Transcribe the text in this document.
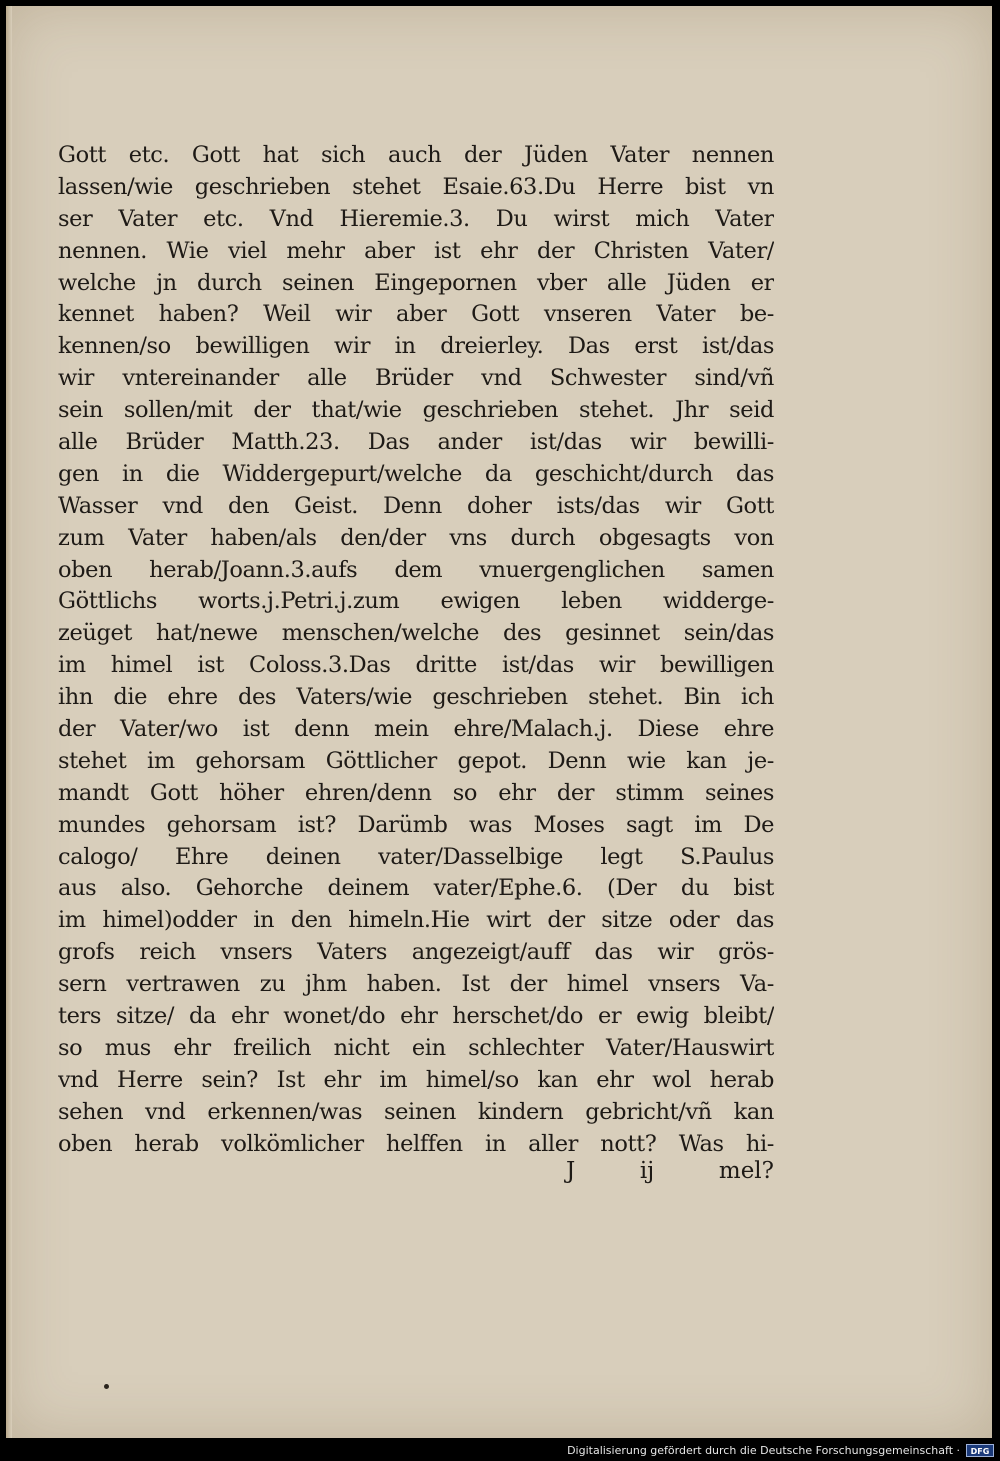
Gott etc. Gott hat sich auch der Jüden Vater nennen
lassen/wie geschrieben stehet Esaie.63.Du Herre bist vn
ser Vater etc. Vnd Hieremie.3. Du wirst mich Vater
nennen. Wie viel mehr aber ist ehr der Christen Vater/
welche jn durch seinen Eingepornen vber alle Jüden er
kennet haben? Weil wir aber Gott vnseren Vater be-
kennen/so bewilligen wir in dreierley. Das erst ist/das
wir vntereinander alle Brüder vnd Schwester sind/vñ
sein sollen/mit der that/wie geschrieben stehet. Jhr seid
alle Brüder Matth.23. Das ander ist/das wir bewilli-
gen in die Widdergepurt/welche da geschicht/durch das
Wasser vnd den Geist. Denn doher ists/das wir Gott
zum Vater haben/als den/der vns durch obgesagts von
oben herab/Joann.3.aufs dem vnuergenglichen samen
Göttlichs worts.j.Petri.j.zum ewigen leben widderge-
zeüget hat/newe menschen/welche des gesinnet sein/das
im himel ist Coloss.3.Das dritte ist/das wir bewilligen
ihn die ehre des Vaters/wie geschrieben stehet. Bin ich
der Vater/wo ist denn mein ehre/Malach.j. Diese ehre
stehet im gehorsam Göttlicher gepot. Denn wie kan je-
mandt Gott höher ehren/denn so ehr der stimm seines
mundes gehorsam ist? Darümb was Moses sagt im De
calogo/ Ehre deinen vater/Dasselbige legt S.Paulus
aus also. Gehorche deinem vater/Ephe.6. (Der du bist
im himel)odder in den himeln.Hie wirt der sitze oder das
grofs reich vnsers Vaters angezeigt/auff das wir grös-
sern vertrawen zu jhm haben. Ist der himel vnsers Va-
ters sitze/ da ehr wonet/do ehr herschet/do er ewig bleibt/
so mus ehr freilich nicht ein schlechter Vater/Hauswirt
vnd Herre sein? Ist ehr im himel/so kan ehr wol herab
sehen vnd erkennen/was seinen kindern gebricht/vñ kan
oben herab volkömlicher helffen in aller nott? Was hi-
J	ij	mel?
Digitalisierung gefördert durch die Deutsche Forschungsgemeinschaft ·	DFG
